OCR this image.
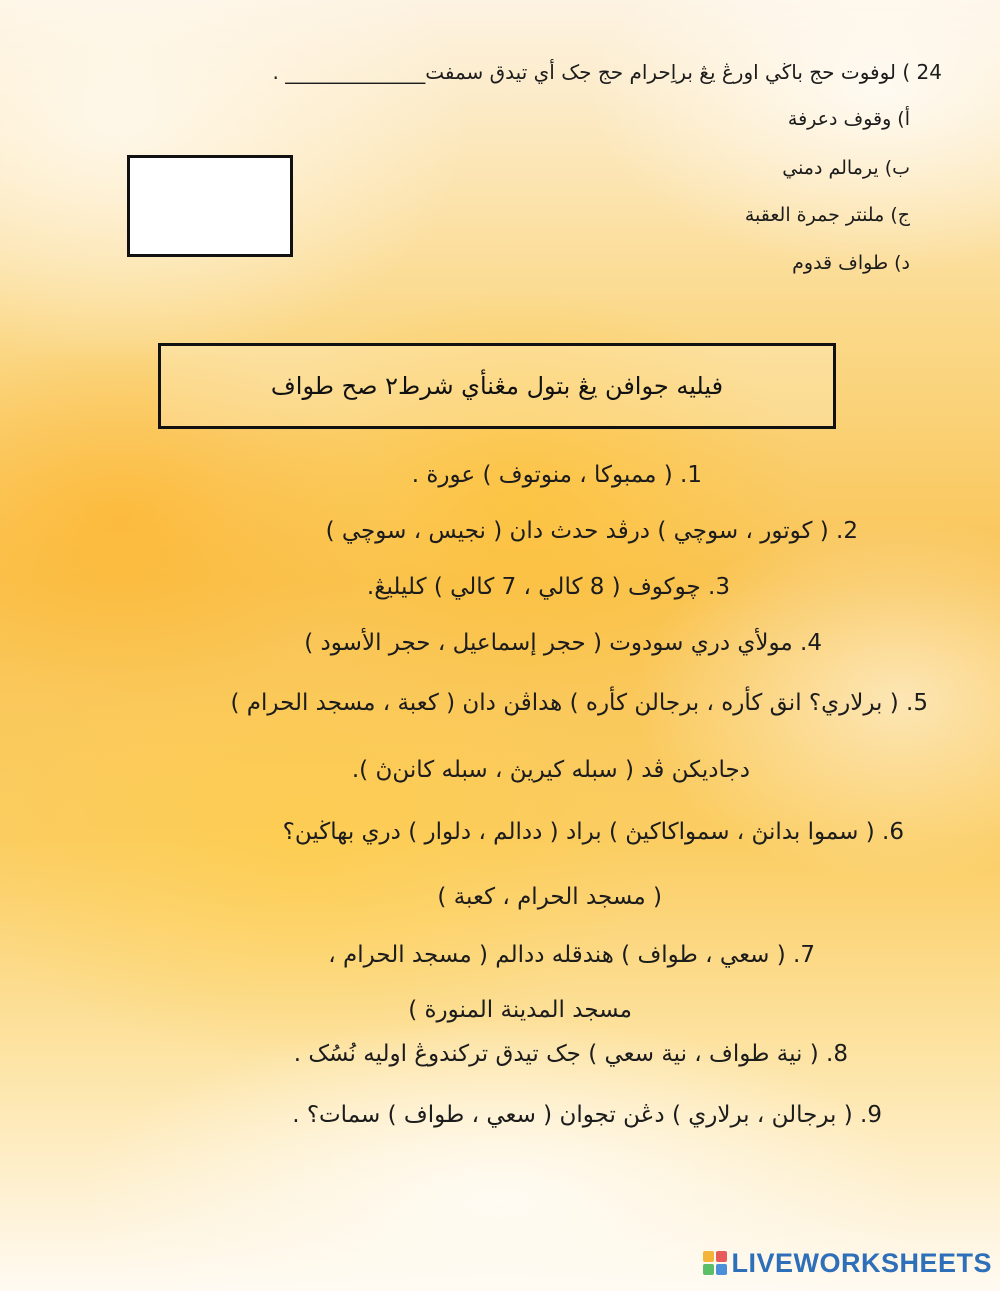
24 ) لوفوت حج باڬي اورڠ يڠ براِحرام حج جک أي تيدق سمفت______________ .
أ) وقوف دعرفة
ب) يرمالم دمني
ج) ملنتر جمرة العقبة
د) طواف قدوم
فيليه جوافن يڠ بتول مڠنأي شرط٢ صح طواف
1. ( ممبوكا ، منوتوف ) عورة .
2. ( كوتور ، سوچي ) درڤد حدث دان ( نجيس ، سوچي )
3. چوكوف ( 8 كالي ، 7 كالي ) كليليڠ.
4. مولأي دري سودوت ( حجر إسماعيل ، حجر الأسود )
5. ( برلاري؟ انق كأره ، برجالن كأره ) هداڤن دان ( كعبة ، مسجد الحرام )
دجاديكن ڤد ( سبله كيريڽ ، سبله كانن‌ڽ ).
6. ( سموا بدانڽ ، سمواكاكيڽ ) براد ( ددالم ، دلوار ) دري بهاڬين؟
( مسجد الحرام ، كعبة )
7. ( سعي ، طواف ) هندقله ددالم ( مسجد الحرام ،
مسجد المدينة المنورة )
8. ( نية طواف ، نية سعي ) جک تيدق تركندوڠ اوليه نُسُک .
9. ( برجالن ، برلاري ) دڠن تجوان ( سعي ، طواف ) سمات؟ .
LIVEWORKSHEETS
